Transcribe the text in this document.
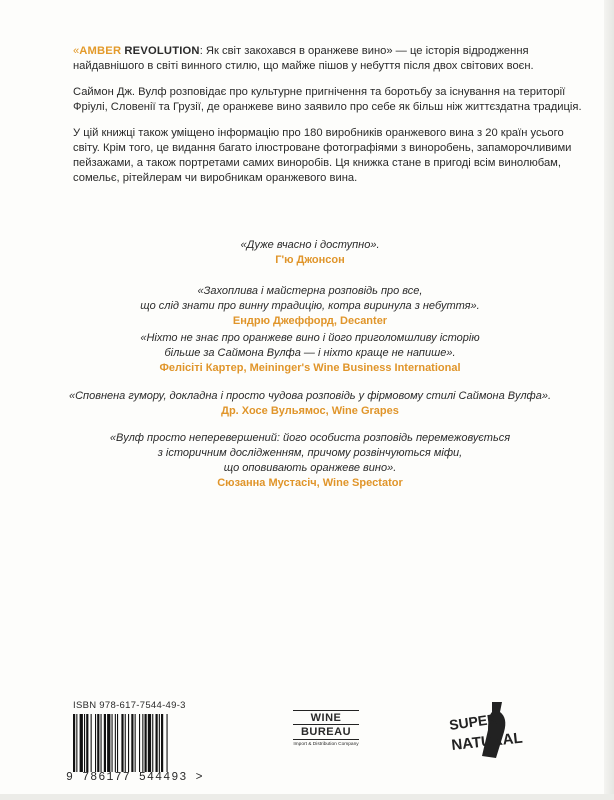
«AMBER REVOLUTION: Як світ закохався в оранжеве вино» — це історія відродження найдавнішого в світі винного стилю, що майже пішов у небуття після двох світових воєн.

Саймон Дж. Вулф розповідає про культурне пригнічення та боротьбу за існування на території Фріулі, Словенії та Грузії, де оранжеве вино заявило про себе як більш ніж життєздатна традиція.

У цій книжці також уміщено інформацію про 180 виробників оранжевого вина з 20 країн усього світу. Крім того, це видання багато ілюстроване фотографіями з виноробень, запаморочливими пейзажами, а також портретами самих виноробів. Ця книжка стане в пригоді всім винолюбам, сомельє, рітейлерам чи виробникам оранжевого вина.

«Дуже вчасно і доступно».

Г'ю Джонсон

«Захоплива і майстерна розповідь про все,

що слід знати про винну традицію, котра виринула з небуття».

Ендрю Джеффорд, Decanter

«Ніхто не знає про оранжеве вино і його приголомшливу історію

більше за Саймона Вулфа — і ніхто краще не напише».

Фелісіті Картер, Meininger's Wine Business International

«Сповнена гумору, докладна і просто чудова розповідь у фірмовому стилі Саймона Вулфа».

Др. Хосе Вульямос, Wine Grapes

«Вулф просто неперевершений: його особиста розповідь перемежовується

з історичним дослідженням, причому розвінчуються міфи,

що оповивають оранжеве вино».

Сюзанна Мустасіч, Wine Spectator

ISBN 978-617-7544-49-3
9 786177 544493 >
WINE
BUREAU
Import & Distribution Company
SUPER
NATURAL
